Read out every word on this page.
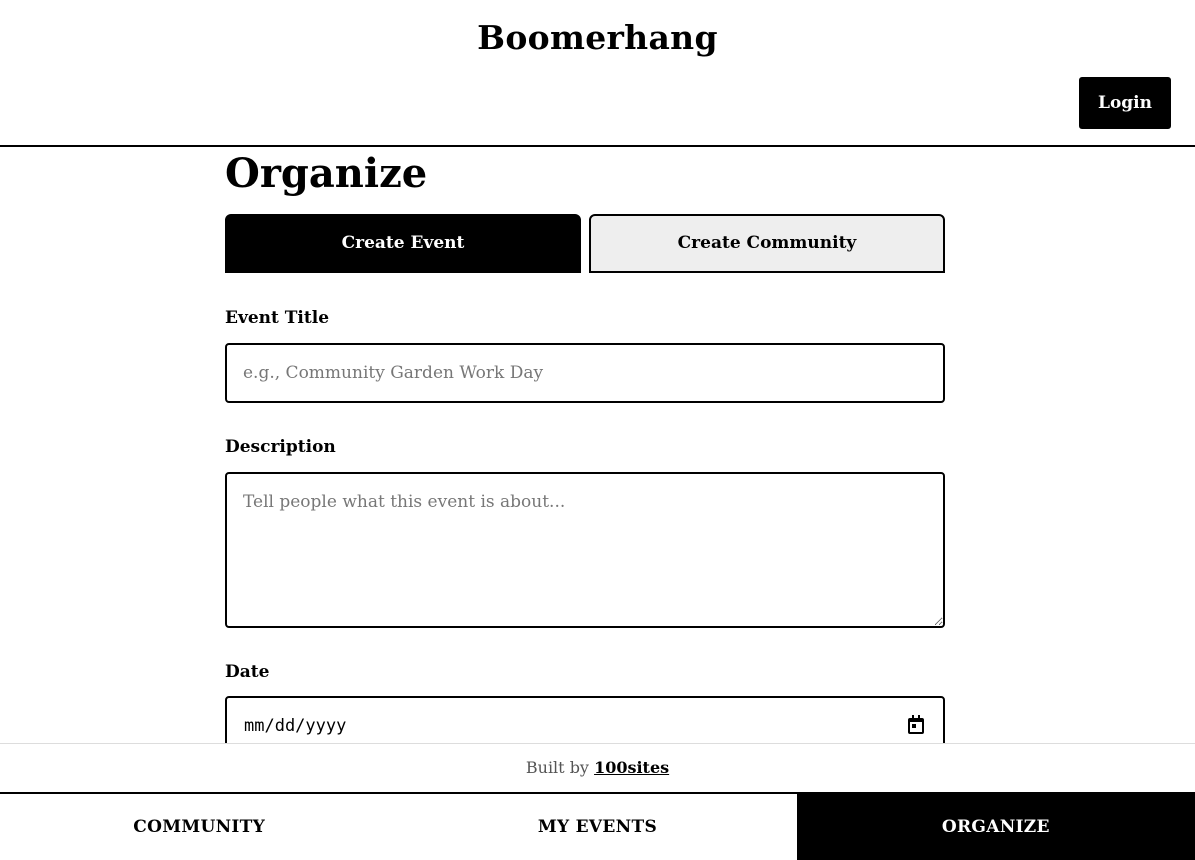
Boomerhang
Login
Organize
Create Event	Create Community
Event Title
e.g., Community Garden Work Day
Description
Tell people what this event is about...
Date
mm/dd/yyyy
Built by 100sites
COMMUNITY	MY EVENTS	ORGANIZE
